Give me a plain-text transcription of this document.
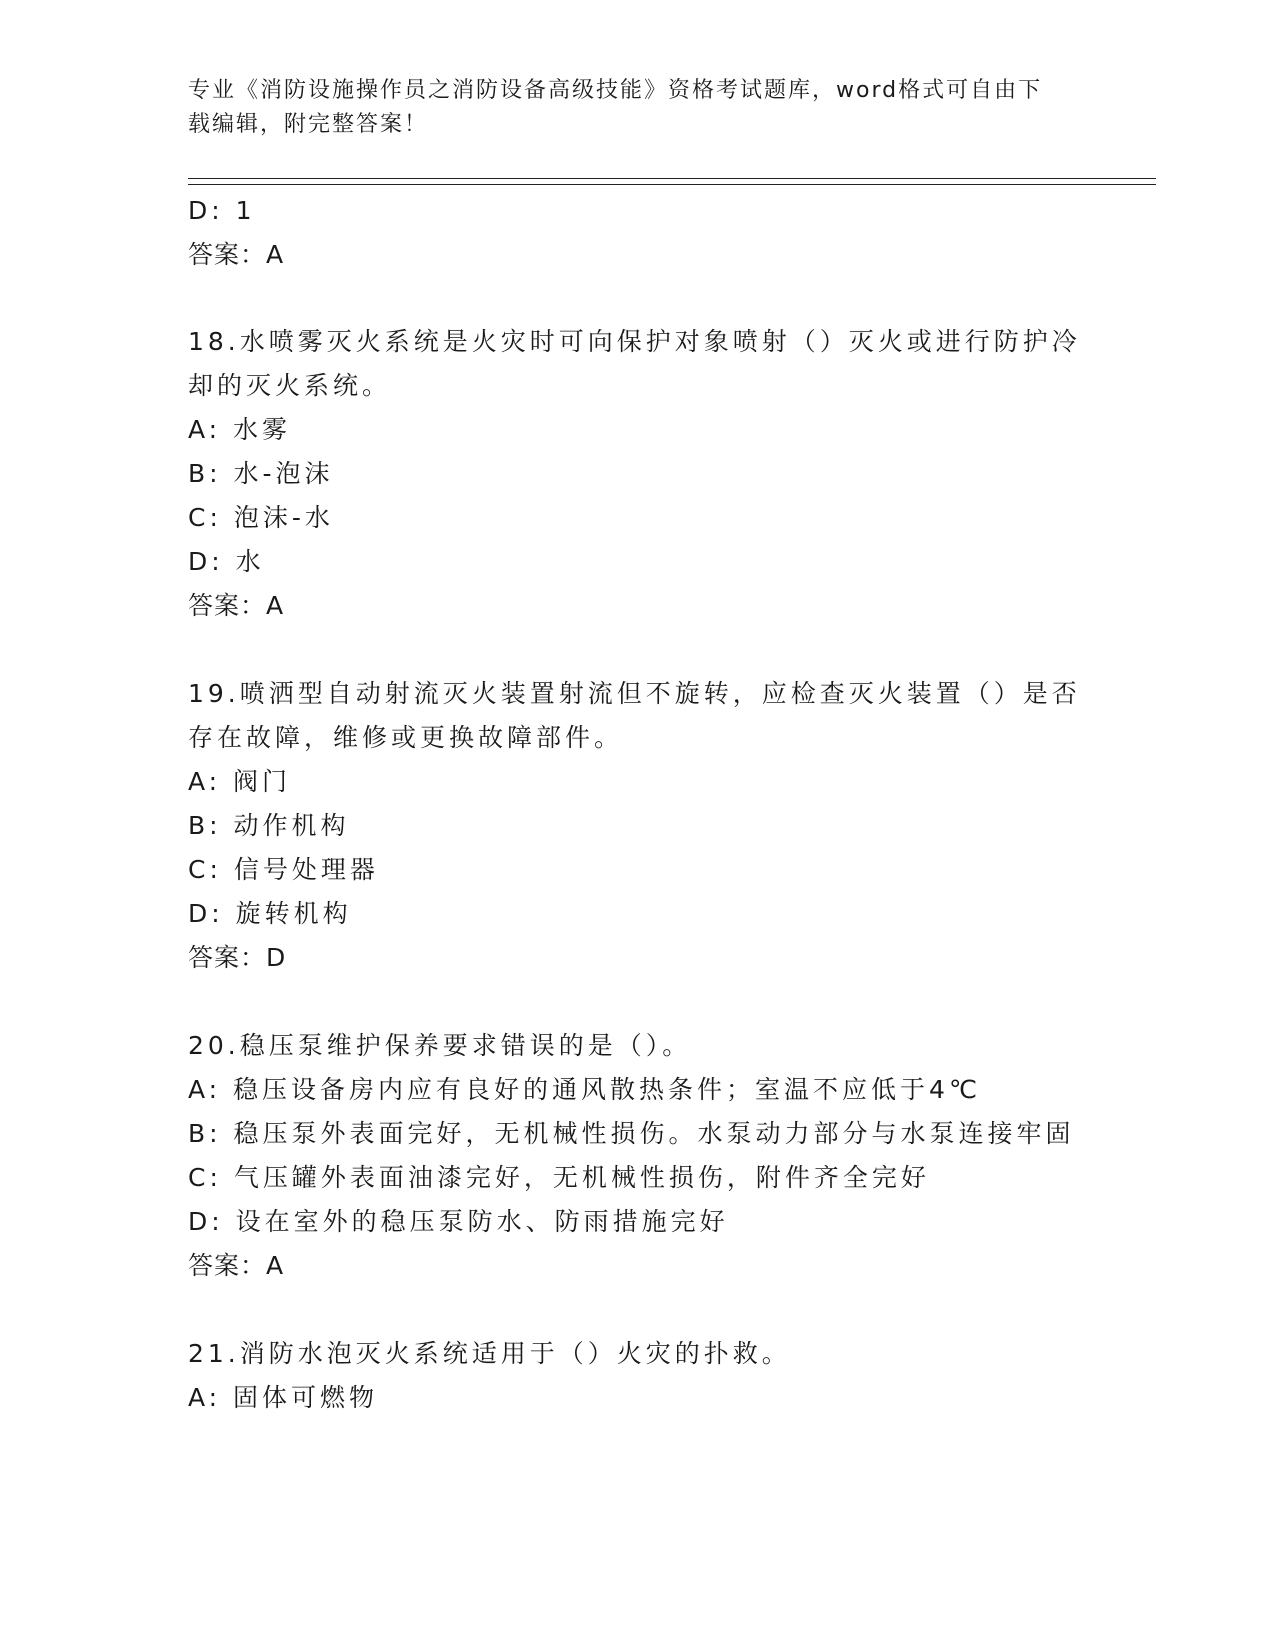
专业《消防设施操作员之消防设备高级技能》资格考试题库，word格式可自由下
载编辑，附完整答案！
D: 1
答案：A
18.水喷雾灭火系统是火灾时可向保护对象喷射（）灭火或进行防护冷
却的灭火系统。
A: 水雾
B: 水-泡沫
C: 泡沫-水
D: 水
答案：A
19.喷洒型自动射流灭火装置射流但不旋转，应检查灭火装置（）是否
存在故障，维修或更换故障部件。
A: 阀门
B: 动作机构
C: 信号处理器
D: 旋转机构
答案：D
20.稳压泵维护保养要求错误的是（）。
A: 稳压设备房内应有良好的通风散热条件；室温不应低于4℃
B: 稳压泵外表面完好，无机械性损伤。水泵动力部分与水泵连接牢固
C: 气压罐外表面油漆完好，无机械性损伤，附件齐全完好
D: 设在室外的稳压泵防水、防雨措施完好
答案：A
21.消防水泡灭火系统适用于（）火灾的扑救。
A: 固体可燃物
